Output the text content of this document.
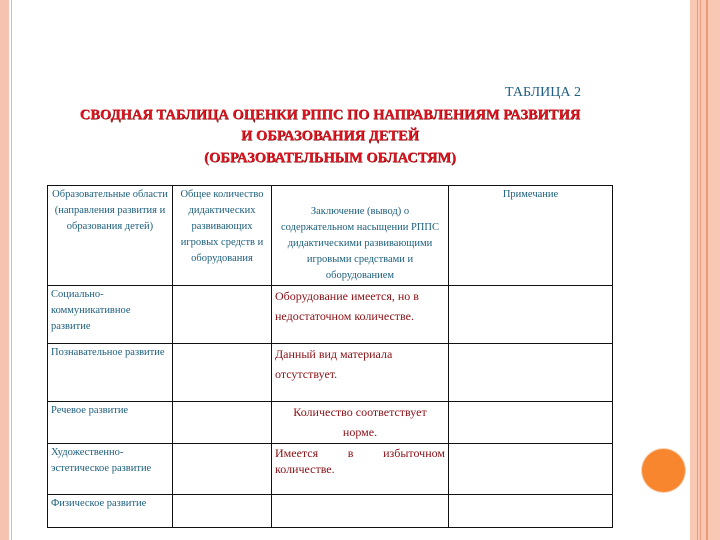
ТАБЛИЦА 2
СВОДНАЯ ТАБЛИЦА ОЦЕНКИ РППС ПО НАПРАВЛЕНИЯМ РАЗВИТИЯ
И ОБРАЗОВАНИЯ ДЕТЕЙ
(ОБРАЗОВАТЕЛЬНЫМ ОБЛАСТЯМ)
Образовательные области (направления развития и образования детей)	Общее количество дидактических развивающих игровых средств и оборудования	Заключение (вывод) о содержательном насыщении РППС дидактическими развивающими игровыми средствами и оборудованием	Примечание
Социально-коммуникативное развитие		Оборудование имеется, но в недостаточном количестве.	
Познавательное развитие		Данный вид материала отсутствует.	
Речевое развитие		Количество соответствует норме.	
Художественно-эстетическое развитие		Имеется в избыточном количестве.	
Физическое развитие			
